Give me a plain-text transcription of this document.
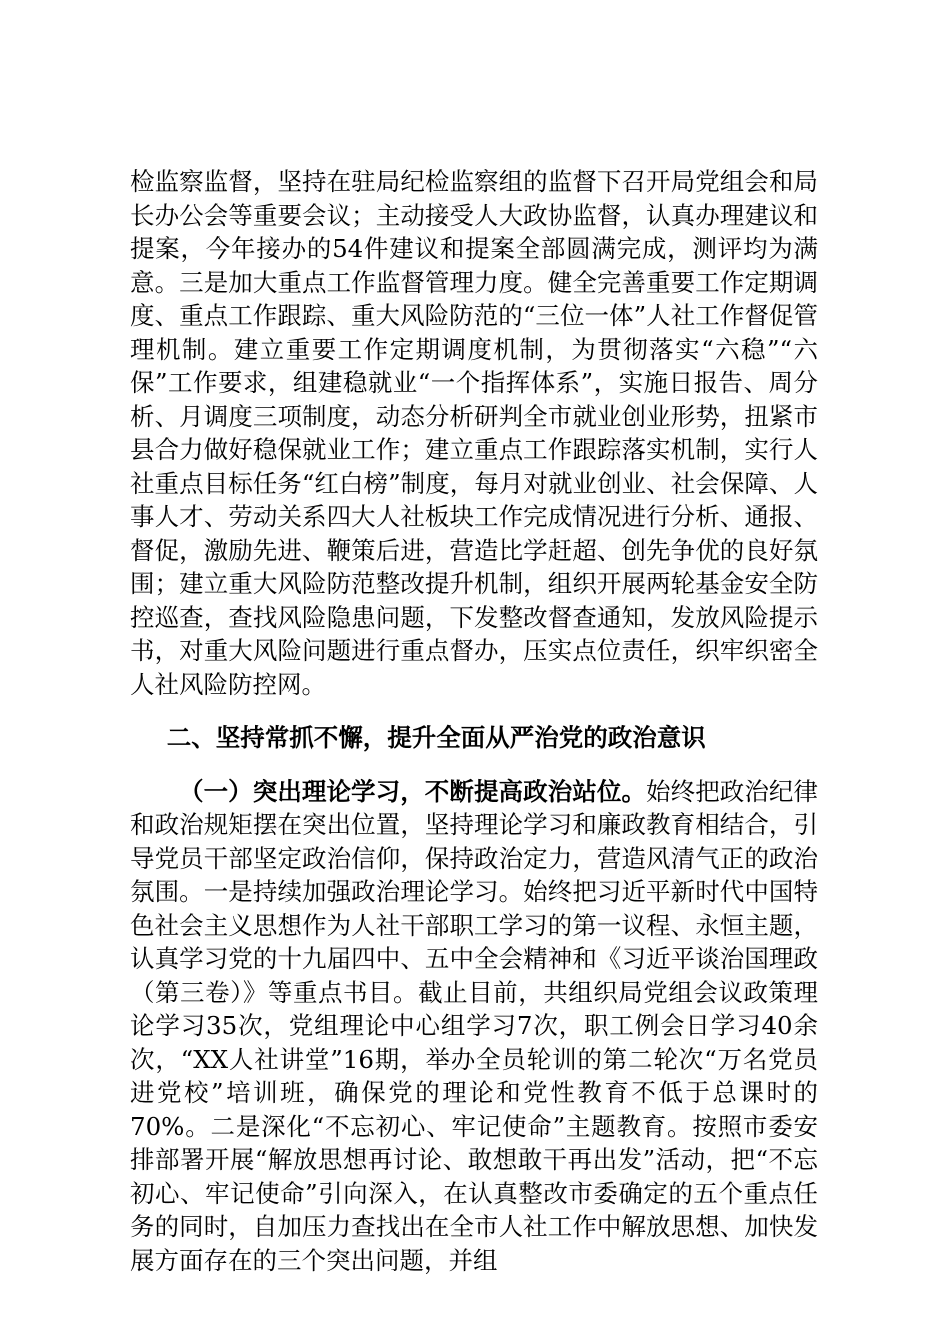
检监察监督，坚持在驻局纪检监察组的监督下召开局党组会和局长办公会等重要会议；主动接受人大政协监督，认真办理建议和提案，今年接办的54件建议和提案全部圆满完成，测评均为满意。三是加大重点工作监督管理力度。健全完善重要工作定期调度、重点工作跟踪、重大风险防范的“三位一体”人社工作督促管理机制。建立重要工作定期调度机制，为贯彻落实“六稳”“六保”工作要求，组建稳就业“一个指挥体系”，实施日报告、周分析、月调度三项制度，动态分析研判全市就业创业形势，扭紧市县合力做好稳保就业工作；建立重点工作跟踪落实机制，实行人社重点目标任务“红白榜”制度，每月对就业创业、社会保障、人事人才、劳动关系四大人社板块工作完成情况进行分析、通报、督促，激励先进、鞭策后进，营造比学赶超、创先争优的良好氛围；建立重大风险防范整改提升机制，组织开展两轮基金安全防控巡查，查找风险隐患问题，下发整改督查通知，发放风险提示书，对重大风险问题进行重点督办，压实点位责任，织牢织密全人社风险防控网。

二、坚持常抓不懈，提升全面从严治党的政治意识

（一）突出理论学习，不断提高政治站位。始终把政治纪律和政治规矩摆在突出位置，坚持理论学习和廉政教育相结合，引导党员干部坚定政治信仰，保持政治定力，营造风清气正的政治氛围。一是持续加强政治理论学习。始终把习近平新时代中国特色社会主义思想作为人社干部职工学习的第一议程、永恒主题，认真学习党的十九届四中、五中全会精神和《习近平谈治国理政（第三卷）》等重点书目。截止目前，共组织局党组会议政策理论学习35次，党组理论中心组学习7次，职工例会日学习40余次，“XX人社讲堂”16期，举办全员轮训的第二轮次“万名党员进党校”培训班，确保党的理论和党性教育不低于总课时的70%。二是深化“不忘初心、牢记使命”主题教育。按照市委安排部署开展“解放思想再讨论、敢想敢干再出发”活动，把“不忘初心、牢记使命”引向深入，在认真整改市委确定的五个重点任务的同时，自加压力查找出在全市人社工作中解放思想、加快发展方面存在的三个突出问题，并组
